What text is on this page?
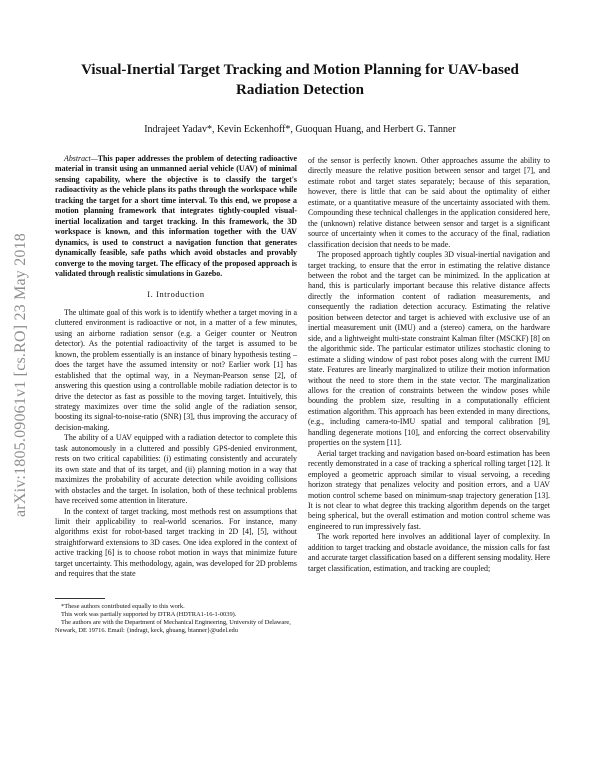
arXiv:1805.09061v1 [cs.RO] 23 May 2018
Visual-Inertial Target Tracking and Motion Planning for UAV-based Radiation Detection
Indrajeet Yadav*, Kevin Eckenhoff*, Guoquan Huang, and Herbert G. Tanner

Abstract—This paper addresses the problem of detecting radioactive material in transit using an unmanned aerial vehicle (UAV) of minimal sensing capability, where the objective is to classify the target's radioactivity as the vehicle plans its paths through the workspace while tracking the target for a short time interval. To this end, we propose a motion planning framework that integrates tightly-coupled visual-inertial localization and target tracking. In this framework, the 3D workspace is known, and this information together with the UAV dynamics, is used to construct a navigation function that generates dynamically feasible, safe paths which avoid obstacles and provably converge to the moving target. The efficacy of the proposed approach is validated through realistic simulations in Gazebo.

I. Introduction

The ultimate goal of this work is to identify whether a target moving in a cluttered environment is radioactive or not, in a matter of a few minutes, using an airborne radiation sensor (e.g. a Geiger counter or Neutron detector). As the potential radioactivity of the target is assumed to be known, the problem essentially is an instance of binary hypothesis testing – does the target have the assumed intensity or not? Earlier work [1] has established that the optimal way, in a Neyman-Pearson sense [2], of answering this question using a controllable mobile radiation detector is to drive the detector as fast as possible to the moving target. Intuitively, this strategy maximizes over time the solid angle of the radiation sensor, boosting its signal-to-noise-ratio (SNR) [3], thus improving the accuracy of decision-making.

The ability of a UAV equipped with a radiation detector to complete this task autonomously in a cluttered and possibly GPS-denied environment, rests on two critical capabilities: (i) estimating consistently and accurately its own state and that of its target, and (ii) planning motion in a way that maximizes the probability of accurate detection while avoiding collisions with obstacles and the target. In isolation, both of these technical problems have received some attention in literature.

In the context of target tracking, most methods rest on assumptions that limit their applicability to real-world scenarios. For instance, many algorithms exist for robot-based target tracking in 2D [4], [5], without straightforward extensions to 3D cases. One idea explored in the context of active tracking [6] is to choose robot motion in ways that minimize future target uncertainty. This methodology, again, was developed for 2D problems and requires that the state

*These authors contributed equally to this work.
This work was partially supported by DTRA (HDTRA1-16-1-0039).
The authors are with the Department of Mechanical Engineering, University of Delaware, Newark, DE 19716. Email: {indragt, keck, ghuang, btanner}@udel.edu

of the sensor is perfectly known. Other approaches assume the ability to directly measure the relative position between sensor and target [7], and estimate robot and target states separately; because of this separation, however, there is little that can be said about the optimality of either estimate, or a quantitative measure of the uncertainty associated with them. Compounding these technical challenges in the application considered here, the (unknown) relative distance between sensor and target is a significant source of uncertainty when it comes to the accuracy of the final, radiation classification decision that needs to be made.

The proposed approach tightly couples 3D visual-inertial navigation and target tracking, to ensure that the error in estimating the relative distance between the robot and the target can be minimized. In the application at hand, this is particularly important because this relative distance affects directly the information content of radiation measurements, and consequently the radiation detection accuracy. Estimating the relative position between detector and target is achieved with exclusive use of an inertial measurement unit (IMU) and a (stereo) camera, on the hardware side, and a lightweight multi-state constraint Kalman filter (MSCKF) [8] on the algorithmic side. The particular estimator utilizes stochastic cloning to estimate a sliding window of past robot poses along with the current IMU state. Features are linearly marginalized to utilize their motion information without the need to store them in the state vector. The marginalization allows for the creation of constraints between the window poses while bounding the problem size, resulting in a computationally efficient estimation algorithm. This approach has been extended in many directions, (e.g., including camera-to-IMU spatial and temporal calibration [9], handling degenerate motions [10], and enforcing the correct observability properties on the system [11].

Aerial target tracking and navigation based on-board estimation has been recently demonstrated in a case of tracking a spherical rolling target [12]. It employed a geometric approach similar to visual servoing, a receding horizon strategy that penalizes velocity and position errors, and a UAV motion control scheme based on minimum-snap trajectory generation [13]. It is not clear to what degree this tracking algorithm depends on the target being spherical, but the overall estimation and motion control scheme was engineered to run impressively fast.

The work reported here involves an additional layer of complexity. In addition to target tracking and obstacle avoidance, the mission calls for fast and accurate target classification based on a different sensing modality. Here target classification, estimation, and tracking are coupled;
